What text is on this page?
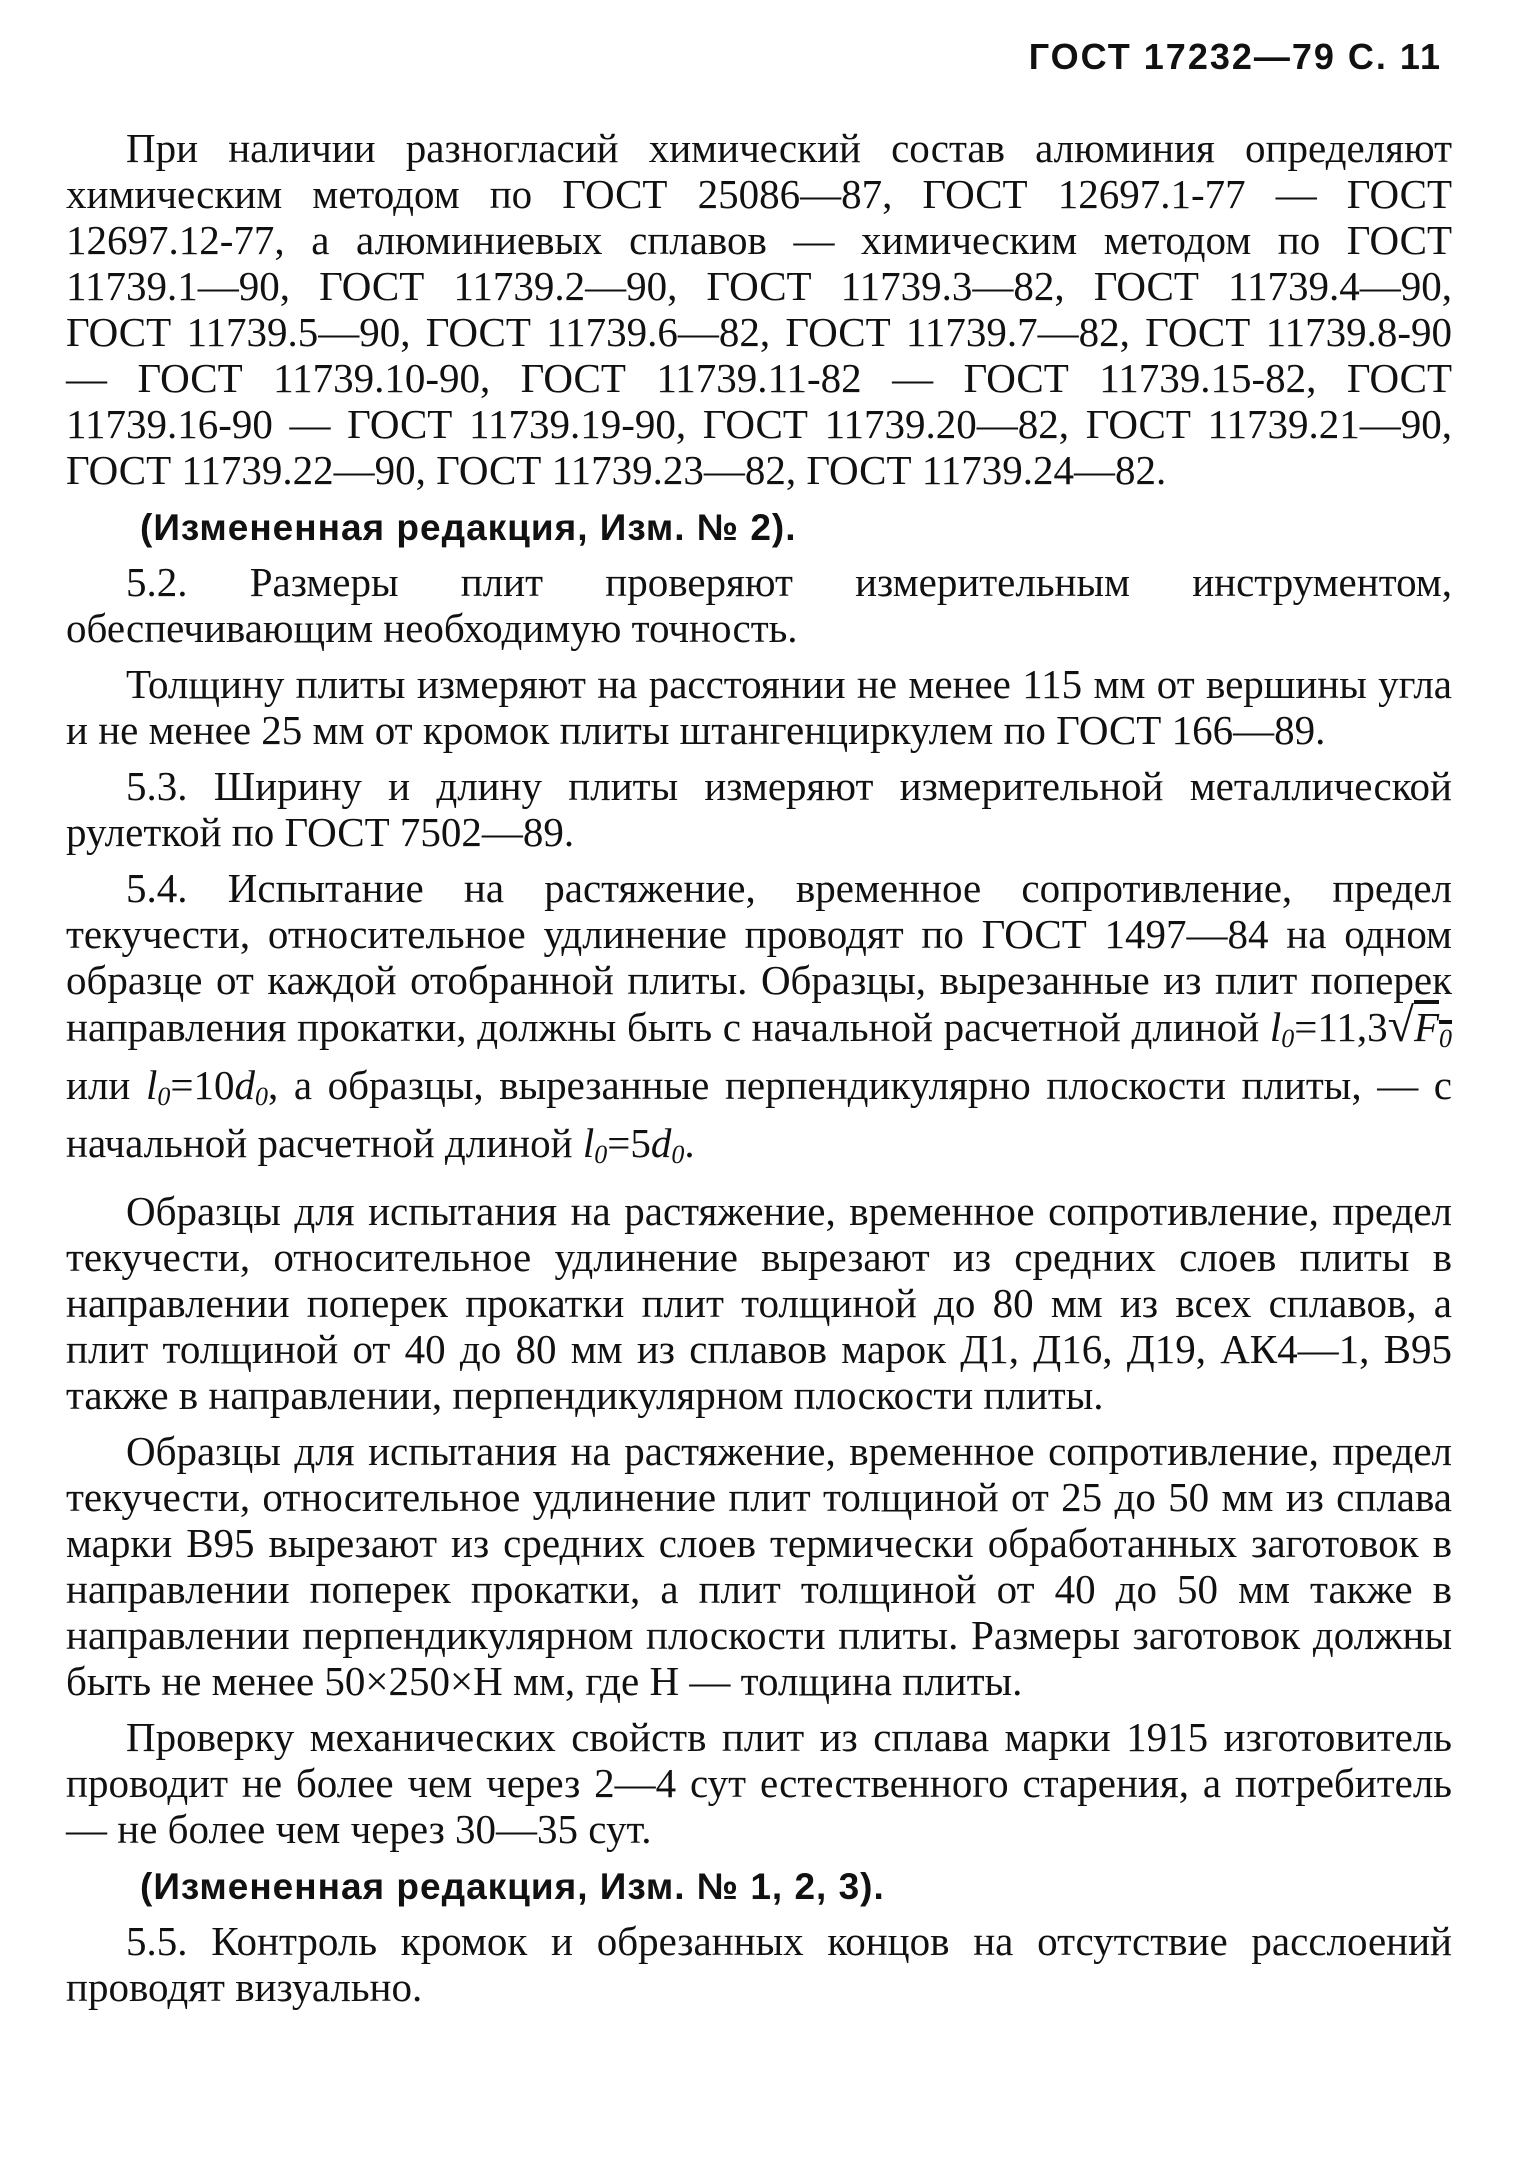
ГОСТ 17232—79 С. 11

При наличии разногласий химический состав алюминия определяют химическим методом по ГОСТ 25086—87, ГОСТ 12697.1-77 — ГОСТ 12697.12-77, а алюминиевых сплавов — химическим методом по ГОСТ 11739.1—90, ГОСТ 11739.2—90, ГОСТ 11739.3—82, ГОСТ 11739.4—90, ГОСТ 11739.5—90, ГОСТ 11739.6—82, ГОСТ 11739.7—82, ГОСТ 11739.8-90 — ГОСТ 11739.10-90, ГОСТ 11739.11-82 — ГОСТ 11739.15-82, ГОСТ 11739.16-90 — ГОСТ 11739.19-90, ГОСТ 11739.20—82, ГОСТ 11739.21—90, ГОСТ 11739.22—90, ГОСТ 11739.23—82, ГОСТ 11739.24—82.

(Измененная редакция, Изм. № 2).

5.2. Размеры плит проверяют измерительным инструментом, обеспечивающим необходимую точность.

Толщину плиты измеряют на расстоянии не менее 115 мм от вершины угла и не менее 25 мм от кромок плиты штангенциркулем по ГОСТ 166—89.

5.3. Ширину и длину плиты измеряют измерительной металлической рулеткой по ГОСТ 7502—89.

5.4. Испытание на растяжение, временное сопротивление, предел текучести, относительное удлинение проводят по ГОСТ 1497—84 на одном образце от каждой отобранной плиты. Образцы, вырезанные из плит поперек направления прокатки, должны быть с начальной расчетной длиной l0=11,3√F0 или l0=10d0, а образцы, вырезанные перпендикулярно плоскости плиты, — с начальной расчетной длиной l0=5d0.

Образцы для испытания на растяжение, временное сопротивление, предел текучести, относительное удлинение вырезают из средних слоев плиты в направлении поперек прокатки плит толщиной до 80 мм из всех сплавов, а плит толщиной от 40 до 80 мм из сплавов марок Д1, Д16, Д19, АК4—1, В95 также в направлении, перпендикулярном плоскости плиты.

Образцы для испытания на растяжение, временное сопротивление, предел текучести, относительное удлинение плит толщиной от 25 до 50 мм из сплава марки В95 вырезают из средних слоев термически обработанных заготовок в направлении поперек прокатки, а плит толщиной от 40 до 50 мм также в направлении перпендикулярном плоскости плиты. Размеры заготовок должны быть не менее 50×250×Н мм, где Н — толщина плиты.

Проверку механических свойств плит из сплава марки 1915 изготовитель проводит не более чем через 2—4 сут естественного старения, а потребитель — не более чем через 30—35 сут.

(Измененная редакция, Изм. № 1, 2, 3).

5.5. Контроль кромок и обрезанных концов на отсутствие расслоений проводят визуально.
